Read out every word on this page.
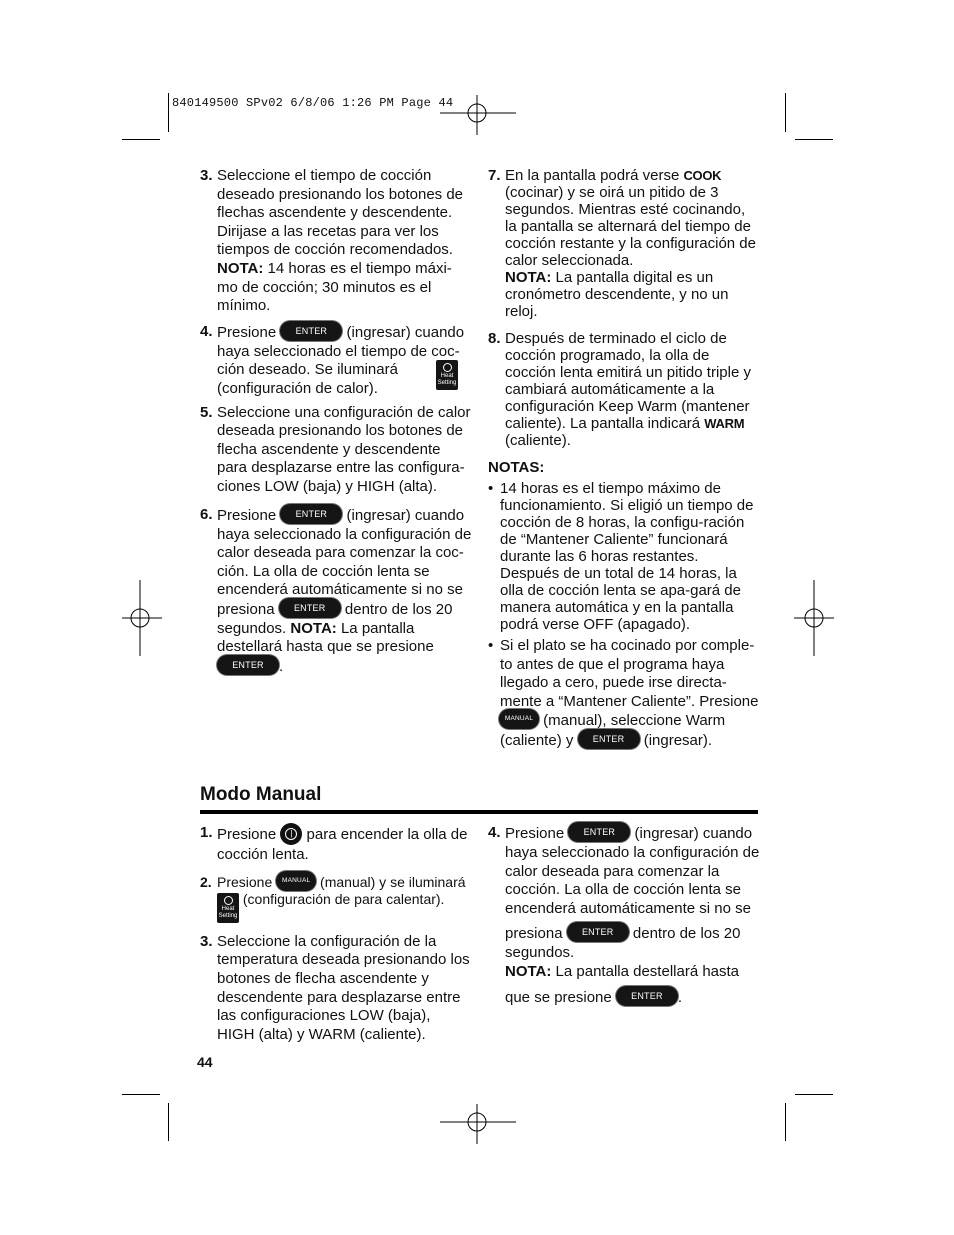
840149500 SPv02 6/8/06 1:26 PM Page 44
3. Seleccione el tiempo de cocción deseado presionando los botones de flechas ascendente y descendente. Dirijase a las recetas para ver los tiempos de cocción recomendados. NOTA: 14 horas es el tiempo máxi-mo de cocción; 30 minutos es el mínimo.
4. Presione ENTER (ingresar) cuando haya seleccionado el tiempo de coc-ción deseado. Se iluminará	Heat
Setting
(configuración de calor).
5. Seleccione una configuración de calor deseada presionando los botones de flecha ascendente y descendente para desplazarse entre las configura-ciones LOW (baja) y HIGH (alta).
6. Presione ENTER (ingresar) cuando haya seleccionado la configuración de calor deseada para comenzar la coc-ción. La olla de cocción lenta se encenderá automáticamente si no se presiona ENTER dentro de los 20 segundos. NOTA: La pantalla destellará hasta que se presione ENTER .
7. En la pantalla podrá verse COOK (cocinar) y se oirá un pitido de 3 segundos. Mientras esté cocinando, la pantalla se alternará del tiempo de cocción restante y la configuración de calor seleccionada.
NOTA: La pantalla digital es un cronómetro descendente, y no un reloj.
8. Después de terminado el ciclo de cocción programado, la olla de cocción lenta emitirá un pitido triple y cambiará automáticamente a la configuración Keep Warm (mantener caliente). La pantalla indicará WARM (caliente).
NOTAS:
• 14 horas es el tiempo máximo de funcionamiento. Si eligió un tiempo de cocción de 8 horas, la configu-ración de “Mantener Caliente” funcionará durante las 6 horas restantes. Después de un total de 14 horas, la olla de cocción lenta se apa-gará de manera automática y en la pantalla podrá verse OFF (apagado).
• Si el plato se ha cocinado por comple-to antes de que el programa haya llegado a cero, puede irse directa-mente a “Mantener Caliente”. Presione MANUAL (manual), seleccione Warm (caliente) y ENTER (ingresar).
Modo Manual
1. Presione | para encender la olla de cocción lenta.
2. Presione MANUAL (manual) y se iluminará

Heat
Setting (configuración de para calentar).
3. Seleccione la configuración de la temperatura deseada presionando los botones de flecha ascendente y descendente para desplazarse entre las configuraciones LOW (baja), HIGH (alta) y WARM (caliente).
4. Presione ENTER (ingresar) cuando haya seleccionado la configuración de calor deseada para comenzar la cocción. La olla de cocción lenta se encenderá automáticamente si no se
presiona ENTER dentro de los 20 segundos.
NOTA: La pantalla destellará hasta
que se presione ENTER .
44
